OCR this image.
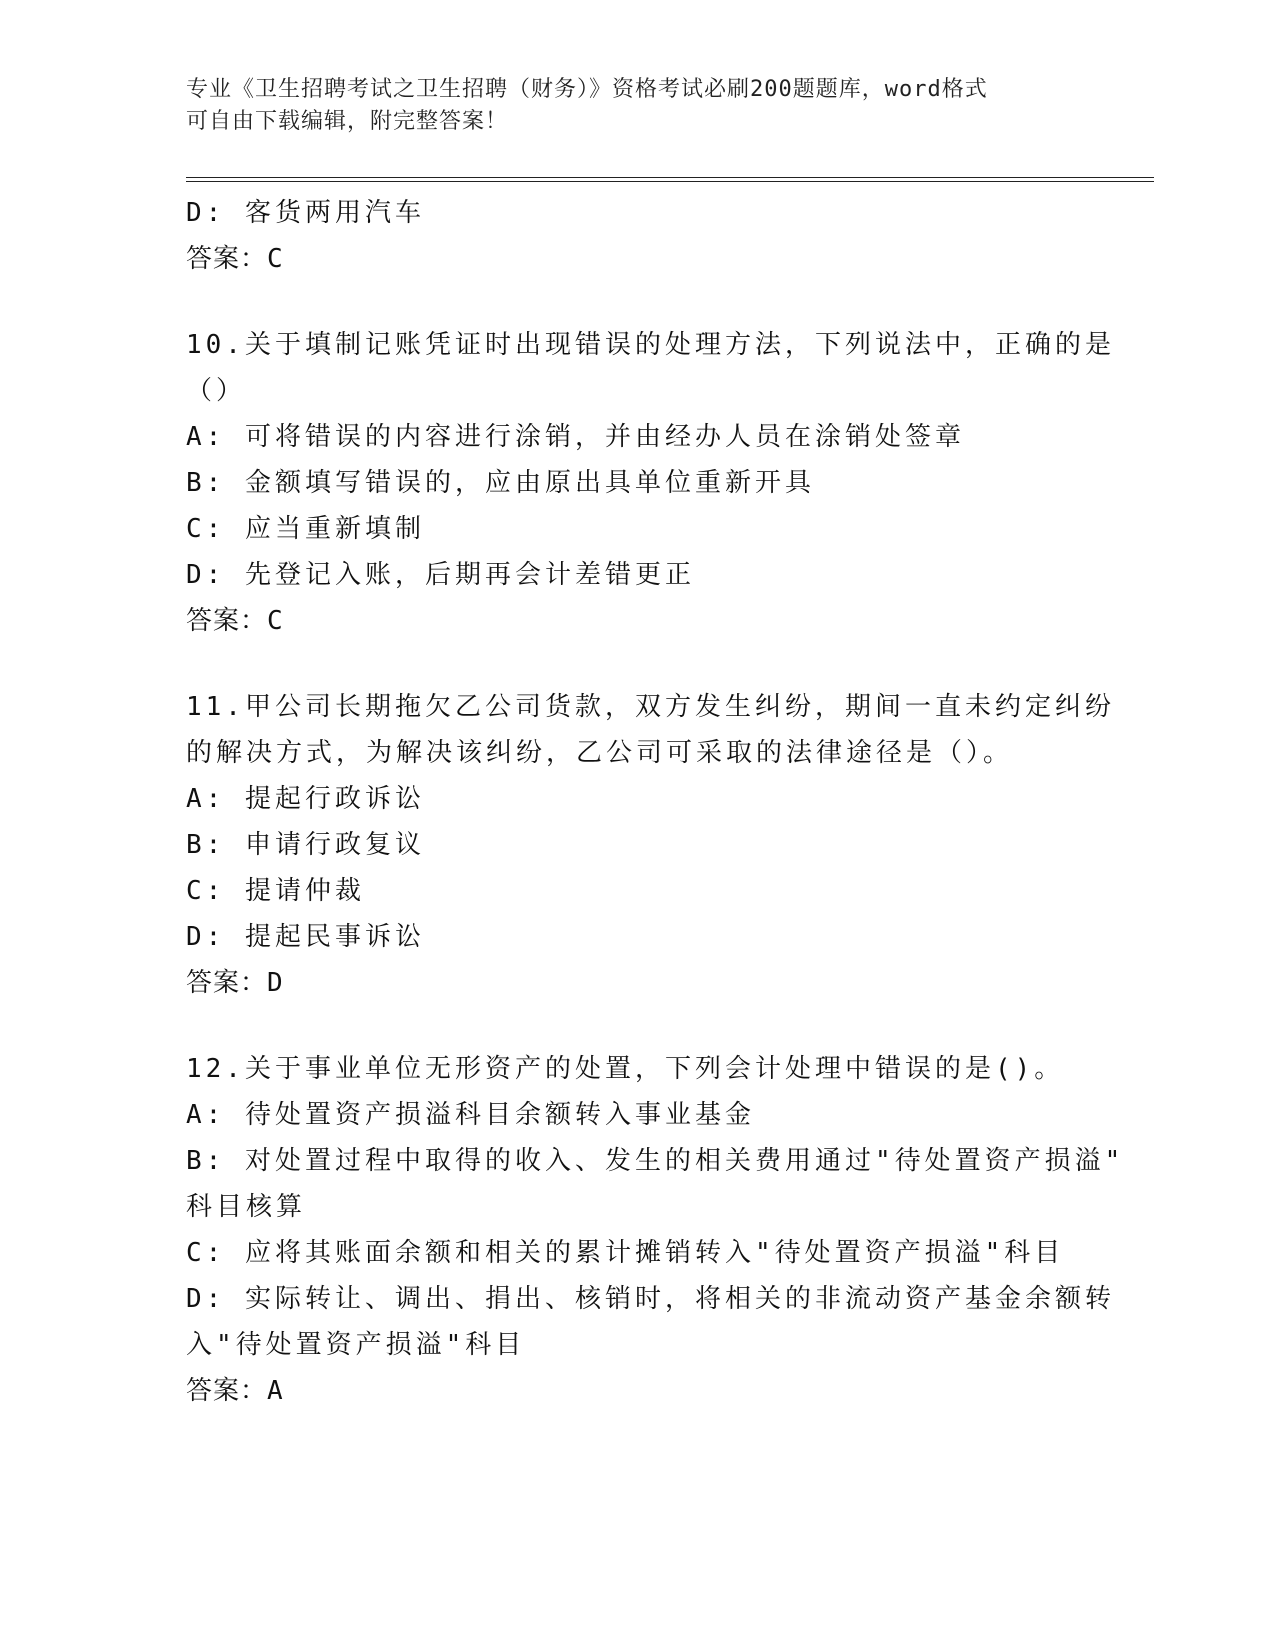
专业《卫生招聘考试之卫生招聘（财务）》资格考试必刷200题题库，word格式
可自由下载编辑，附完整答案！
D: 客货两用汽车
答案：C
10.关于填制记账凭证时出现错误的处理方法，下列说法中，正确的是
（）
A: 可将错误的内容进行涂销，并由经办人员在涂销处签章
B: 金额填写错误的，应由原出具单位重新开具
C: 应当重新填制
D: 先登记入账，后期再会计差错更正
答案：C
11.甲公司长期拖欠乙公司货款，双方发生纠纷，期间一直未约定纠纷
的解决方式，为解决该纠纷，乙公司可采取的法律途径是（）。
A: 提起行政诉讼
B: 申请行政复议
C: 提请仲裁
D: 提起民事诉讼
答案：D
12.关于事业单位无形资产的处置，下列会计处理中错误的是()。
A: 待处置资产损溢科目余额转入事业基金
B: 对处置过程中取得的收入、发生的相关费用通过"待处置资产损溢"
科目核算
C: 应将其账面余额和相关的累计摊销转入"待处置资产损溢"科目
D: 实际转让、调出、捐出、核销时，将相关的非流动资产基金余额转
入"待处置资产损溢"科目
答案：A
